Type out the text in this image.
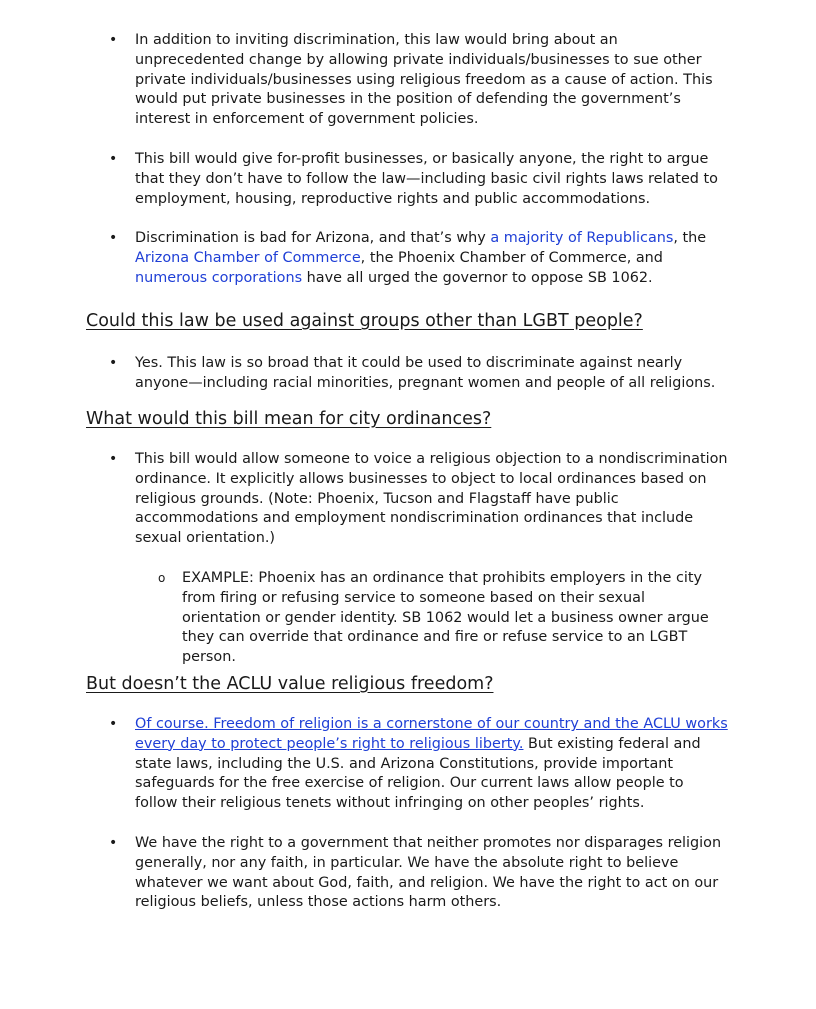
• In addition to inviting discrimination, this law would bring about an unprecedented change by allowing private individuals/businesses to sue other private individuals/businesses using religious freedom as a cause of action. This would put private businesses in the position of defending the government’s interest in enforcement of government policies.
• This bill would give for-profit businesses, or basically anyone, the right to argue that they don’t have to follow the law—including basic civil rights laws related to employment, housing, reproductive rights and public accommodations.
• Discrimination is bad for Arizona, and that’s why a majority of Republicans, the Arizona Chamber of Commerce, the Phoenix Chamber of Commerce, and numerous corporations have all urged the governor to oppose SB 1062.
Could this law be used against groups other than LGBT people?
• Yes. This law is so broad that it could be used to discriminate against nearly anyone—including racial minorities, pregnant women and people of all religions.
What would this bill mean for city ordinances?
• This bill would allow someone to voice a religious objection to a nondiscrimination ordinance. It explicitly allows businesses to object to local ordinances based on religious grounds. (Note: Phoenix, Tucson and Flagstaff have public accommodations and employment nondiscrimination ordinances that include sexual orientation.)
o EXAMPLE: Phoenix has an ordinance that prohibits employers in the city from firing or refusing service to someone based on their sexual orientation or gender identity. SB 1062 would let a business owner argue they can override that ordinance and fire or refuse service to an LGBT person.
But doesn’t the ACLU value religious freedom?
• Of course. Freedom of religion is a cornerstone of our country and the ACLU works every day to protect people’s right to religious liberty. But existing federal and state laws, including the U.S. and Arizona Constitutions, provide important safeguards for the free exercise of religion. Our current laws allow people to follow their religious tenets without infringing on other peoples’ rights.
• We have the right to a government that neither promotes nor disparages religion generally, nor any faith, in particular. We have the absolute right to believe whatever we want about God, faith, and religion. We have the right to act on our religious beliefs, unless those actions harm others.
